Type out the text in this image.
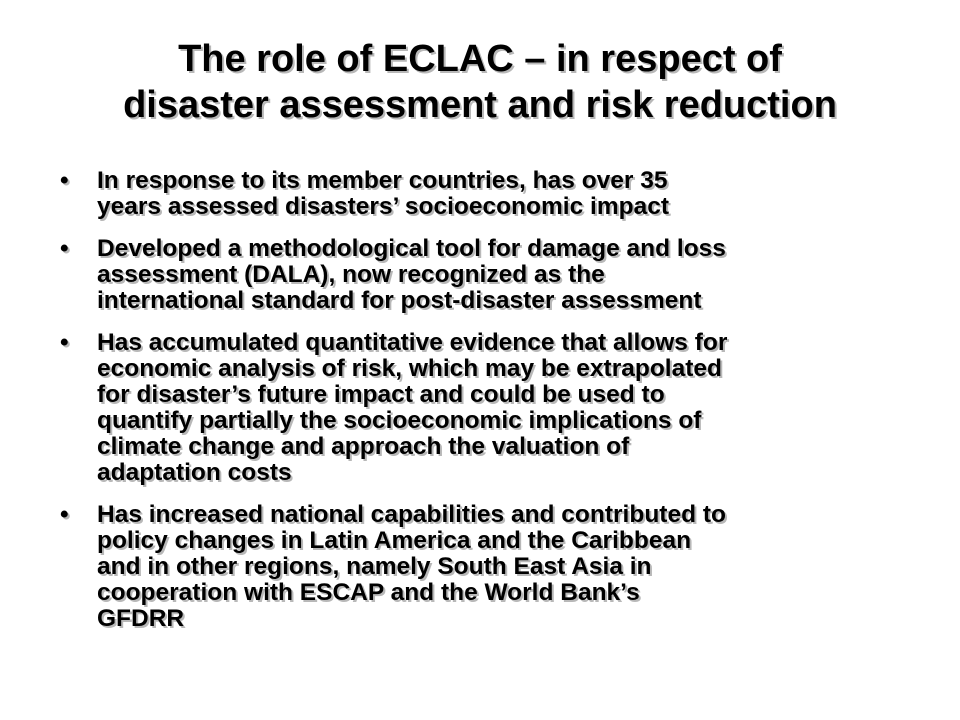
The role of ECLAC – in respect of
disaster assessment and risk reduction
•	In response to its member countries, has over 35
years assessed disasters’ socioeconomic impact
•	Developed a methodological tool for damage and loss
assessment (DALA), now recognized as the
international standard for post-disaster assessment
•	Has accumulated quantitative evidence that allows for
economic analysis of risk, which may be extrapolated
for disaster’s future impact and could be used to
quantify partially the socioeconomic implications of
climate change and approach the valuation of
adaptation costs
•	Has increased national capabilities and contributed to
policy changes in Latin America and the Caribbean
and in other regions, namely South East Asia in
cooperation with ESCAP and the World Bank’s
GFDRR
